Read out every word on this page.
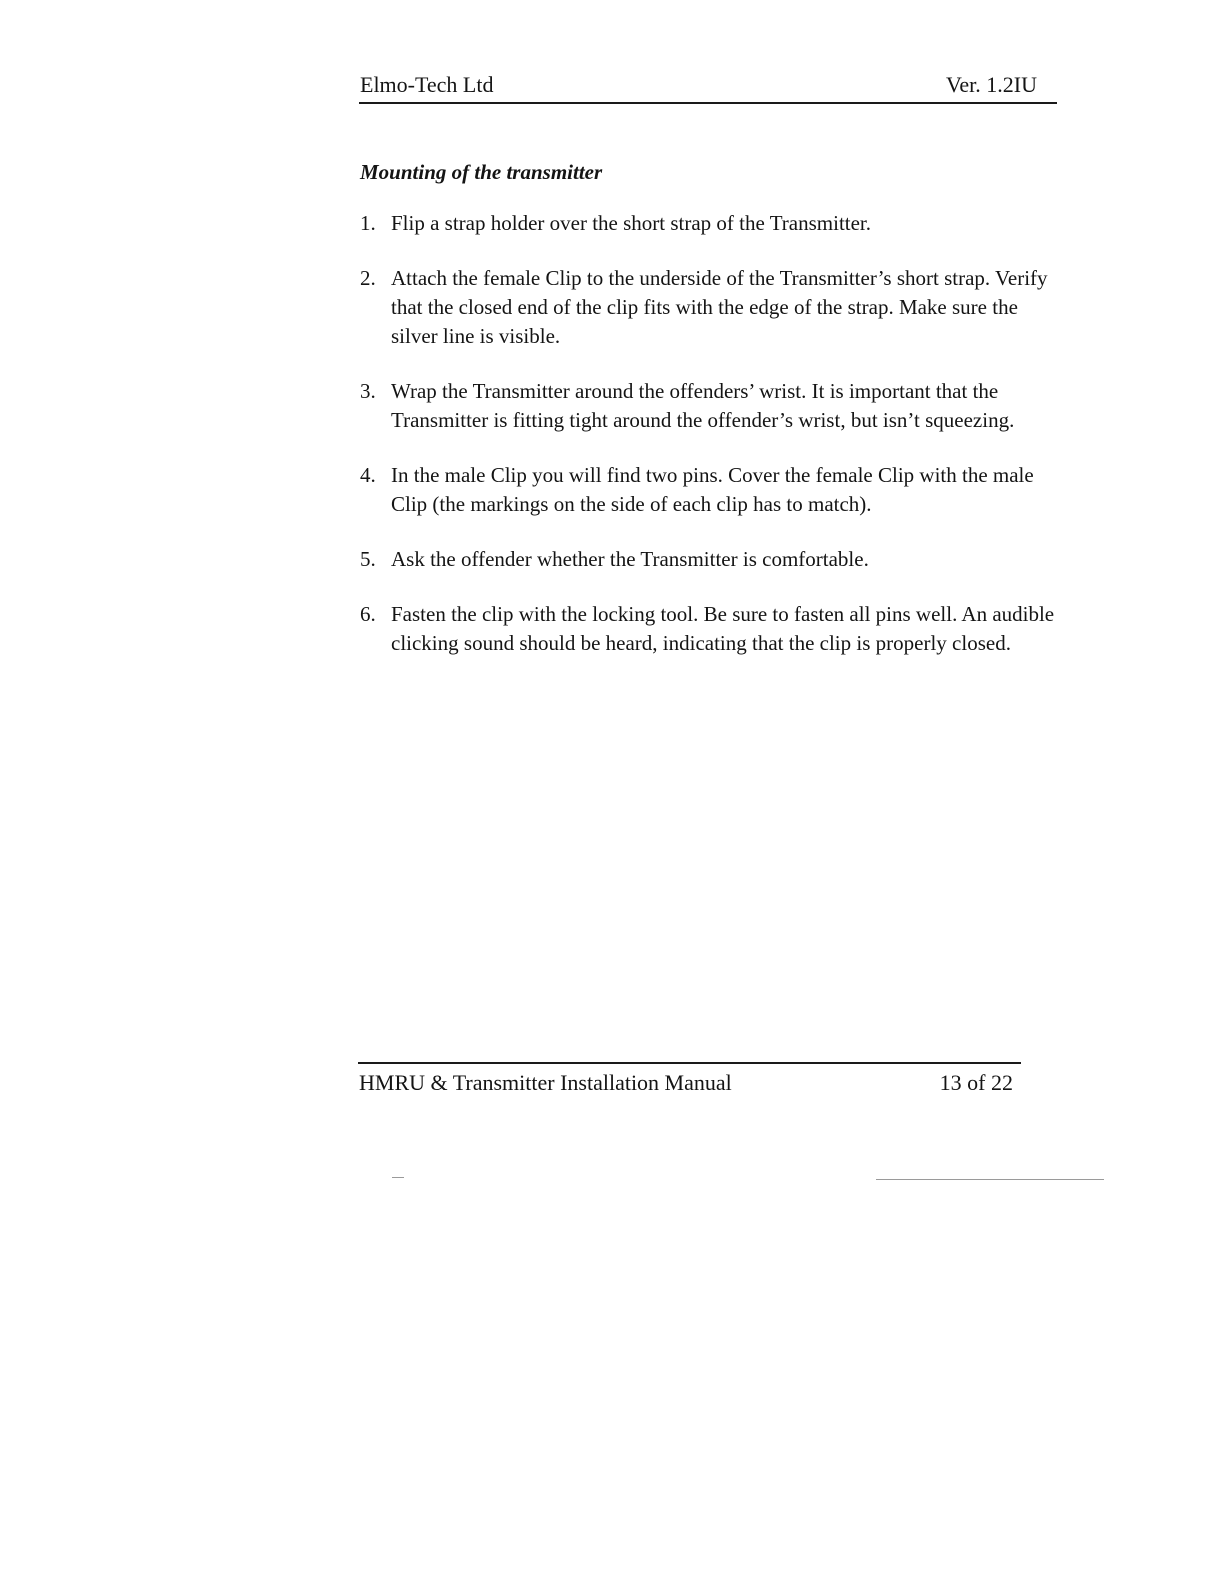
Elmo-Tech Ltd	Ver. 1.2IU
Mounting of the transmitter
1. Flip a strap holder over the short strap of the Transmitter.
2. Attach the female Clip to the underside of the Transmitter’s short strap. Verify that the closed end of the clip fits with the edge of the strap. Make sure the silver line is visible.
3. Wrap the Transmitter around the offenders’ wrist. It is important that the Transmitter is fitting tight around the offender’s wrist, but isn’t squeezing.
4. In the male Clip you will find two pins. Cover the female Clip with the male Clip (the markings on the side of each clip has to match).
5. Ask the offender whether the Transmitter is comfortable.
6. Fasten the clip with the locking tool. Be sure to fasten all pins well. An audible clicking sound should be heard, indicating that the clip is properly closed.
HMRU & Transmitter Installation Manual	13 of 22
